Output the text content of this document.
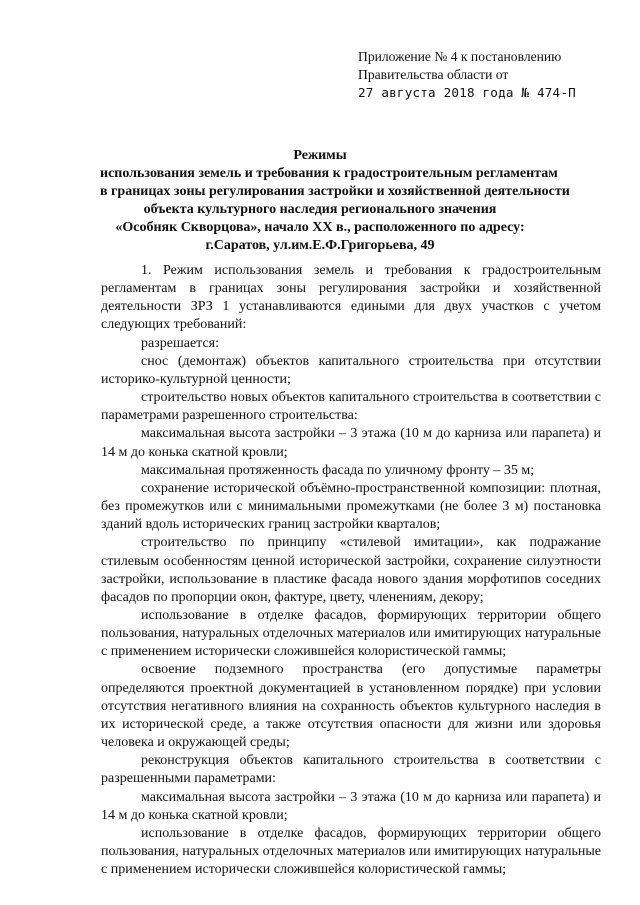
Приложение № 4 к постановлению
Правительства области от
27 августа 2018 года № 474-П
Режимы
использования земель и требования к градостроительным регламентам
в границах зоны регулирования застройки и хозяйственной деятельности
объекта культурного наследия регионального значения
«Особняк Скворцова», начало XX в., расположенного по адресу:
г.Саратов, ул.им.Е.Ф.Григорьева, 49

1. Режим использования земель и требования к градостроительным регламентам в границах зоны регулирования застройки и хозяйственной деятельности ЗРЗ 1 устанавливаются едиными для двух участков с учетом следующих требований:

разрешается:

снос (демонтаж) объектов капитального строительства при отсутствии историко-культурной ценности;

строительство новых объектов капитального строительства в соответствии с параметрами разрешенного строительства:

максимальная высота застройки – 3 этажа (10 м до карниза или парапета) и 14 м до конька скатной кровли;

максимальная протяженность фасада по уличному фронту – 35 м;

сохранение исторической объёмно-пространственной композиции: плотная, без промежутков или с минимальными промежутками (не более 3 м) постановка зданий вдоль исторических границ застройки кварталов;

строительство по принципу «стилевой имитации», как подражание стилевым особенностям ценной исторической застройки, сохранение силуэтности застройки, использование в пластике фасада нового здания морфотипов соседних фасадов по пропорции окон, фактуре, цвету, членениям, декору;

использование в отделке фасадов, формирующих территории общего пользования, натуральных отделочных материалов или имитирующих натуральные с применением исторически сложившейся колористической гаммы;

освоение подземного пространства (его допустимые параметры определяются проектной документацией в установленном порядке) при условии отсутствия негативного влияния на сохранность объектов культурного наследия в их исторической среде, а также отсутствия опасности для жизни или здоровья человека и окружающей среды;

реконструкция объектов капитального строительства в соответствии с разрешенными параметрами:

максимальная высота застройки – 3 этажа (10 м до карниза или парапета) и 14 м до конька скатной кровли;

использование в отделке фасадов, формирующих территории общего пользования, натуральных отделочных материалов или имитирующих натуральные с применением исторически сложившейся колористической гаммы;
